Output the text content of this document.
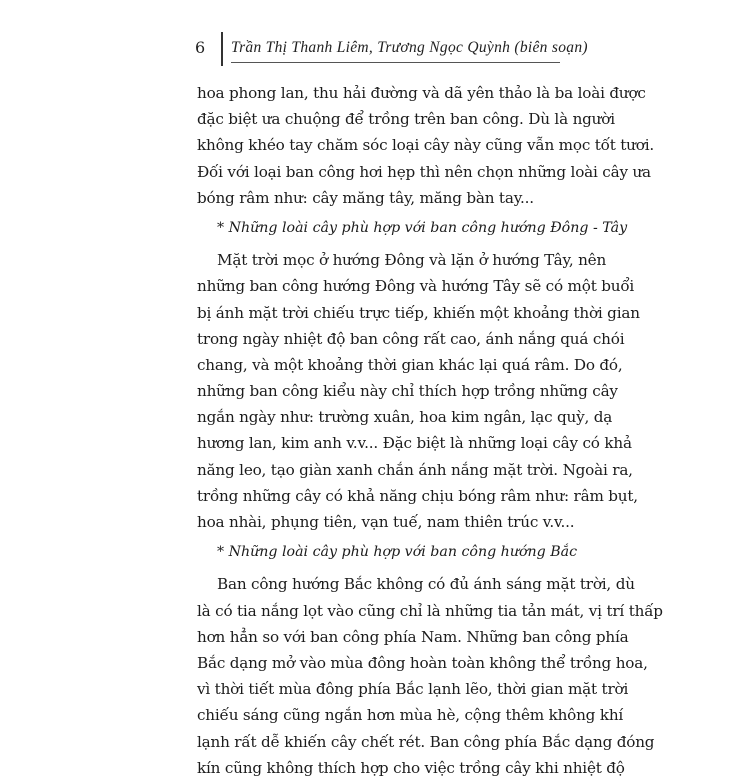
6 Trần Thị Thanh Liêm, Trương Ngọc Quỳnh (biên soạn)
hoa phong lan, thu hải đường và dã yên thảo là ba loài được
đặc biệt ưa chuộng để trồng trên ban công. Dù là người
không khéo tay chăm sóc loại cây này cũng vẫn mọc tốt tươi.
Đối với loại ban công hơi hẹp thì nên chọn những loài cây ưa
bóng râm như: cây măng tây, măng bàn tay...
* Những loài cây phù hợp với ban công hướng Đông - Tây
Mặt trời mọc ở hướng Đông và lặn ở hướng Tây, nên
những ban công hướng Đông và hướng Tây sẽ có một buổi
bị ánh mặt trời chiếu trực tiếp, khiến một khoảng thời gian
trong ngày nhiệt độ ban công rất cao, ánh nắng quá chói
chang, và một khoảng thời gian khác lại quá râm. Do đó,
những ban công kiểu này chỉ thích hợp trồng những cây
ngắn ngày như: trường xuân, hoa kim ngân, lạc quỳ, dạ
hương lan, kim anh v.v... Đặc biệt là những loại cây có khả
năng leo, tạo giàn xanh chắn ánh nắng mặt trời. Ngoài ra,
trồng những cây có khả năng chịu bóng râm như: râm bụt,
hoa nhài, phụng tiên, vạn tuế, nam thiên trúc v.v...
* Những loài cây phù hợp với ban công hướng Bắc
Ban công hướng Bắc không có đủ ánh sáng mặt trời, dù
là có tia nắng lọt vào cũng chỉ là những tia tản mát, vị trí thấp
hơn hẳn so với ban công phía Nam. Những ban công phía
Bắc dạng mở vào mùa đông hoàn toàn không thể trồng hoa,
vì thời tiết mùa đông phía Bắc lạnh lẽo, thời gian mặt trời
chiếu sáng cũng ngắn hơn mùa hè, cộng thêm không khí
lạnh rất dễ khiến cây chết rét. Ban công phía Bắc dạng đóng
kín cũng không thích hợp cho việc trồng cây khi nhiệt độ
